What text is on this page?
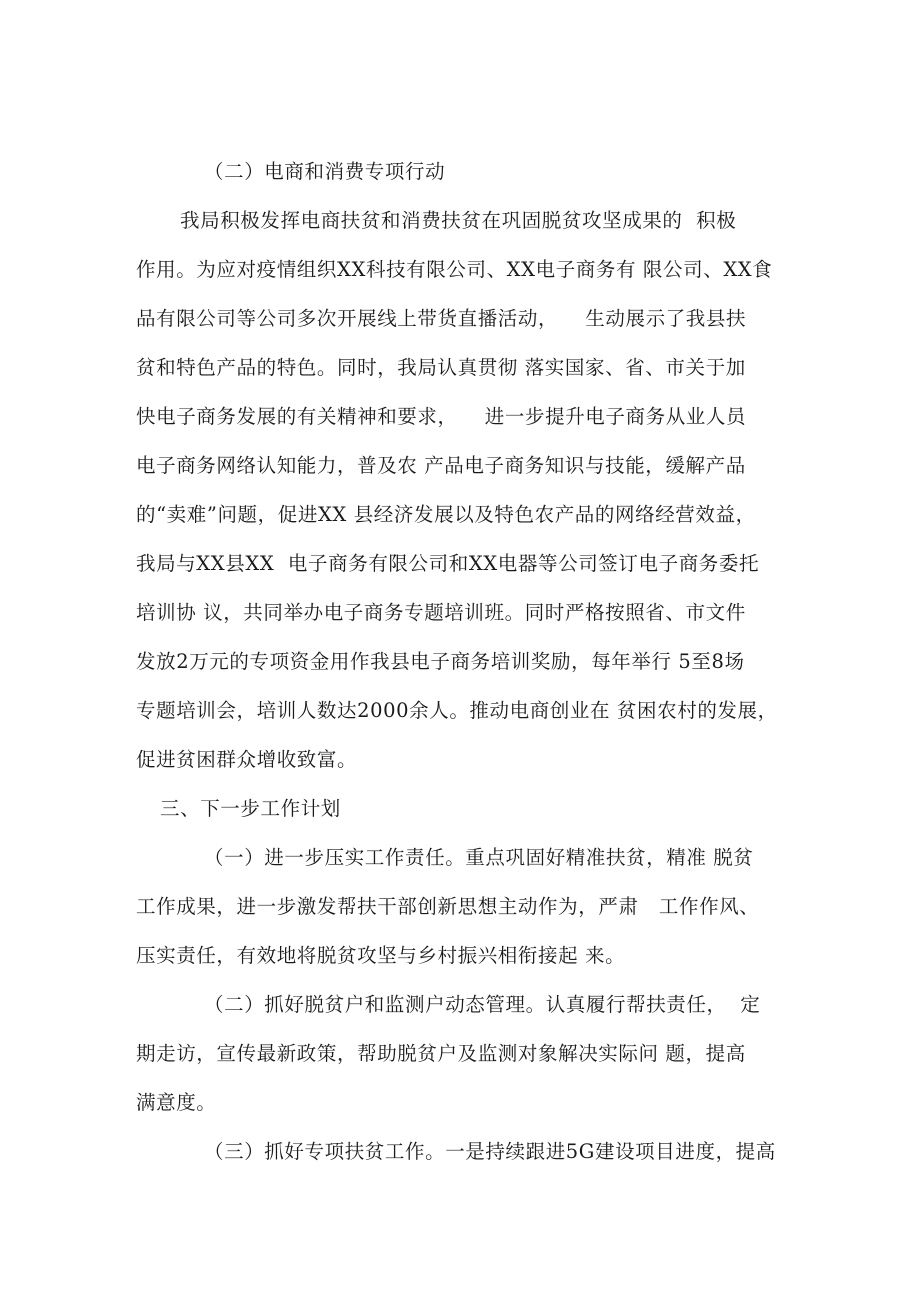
（二）电商和消费专项行动
我局积极发挥电商扶贫和消费扶贫在巩固脱贫攻坚成果的  积极
作用。为应对疫情组织XX科技有限公司、XX电子商务有 限公司、XX食
品有限公司等公司多次开展线上带货直播活动，    生动展示了我县扶
贫和特色产品的特色。同时，我局认真贯彻 落实国家、省、市关于加
快电子商务发展的有关精神和要求，    进一步提升电子商务从业人员
电子商务网络认知能力，普及农 产品电子商务知识与技能，缓解产品
的“卖难”问题，促进XX 县经济发展以及特色农产品的网络经营效益，
我局与XX县XX  电子商务有限公司和XX电器等公司签订电子商务委托
培训协 议，共同举办电子商务专题培训班。同时严格按照省、市文件
发放2万元的专项资金用作我县电子商务培训奖励，每年举行 5至8场
专题培训会，培训人数达2000余人。推动电商创业在 贫困农村的发展，
促进贫困群众增收致富。
三、下一步工作计划
（一）进一步压实工作责任。重点巩固好精准扶贫，精准 脱贫
工作成果，进一步激发帮扶干部创新思想主动作为，严肃   工作作风、
压实责任，有效地将脱贫攻坚与乡村振兴相衔接起 来。
（二）抓好脱贫户和监测户动态管理。认真履行帮扶责任，  定
期走访，宣传最新政策，帮助脱贫户及监测对象解决实际问 题，提高
满意度。
（三）抓好专项扶贫工作。一是持续跟进5G建设项目进度，提高
